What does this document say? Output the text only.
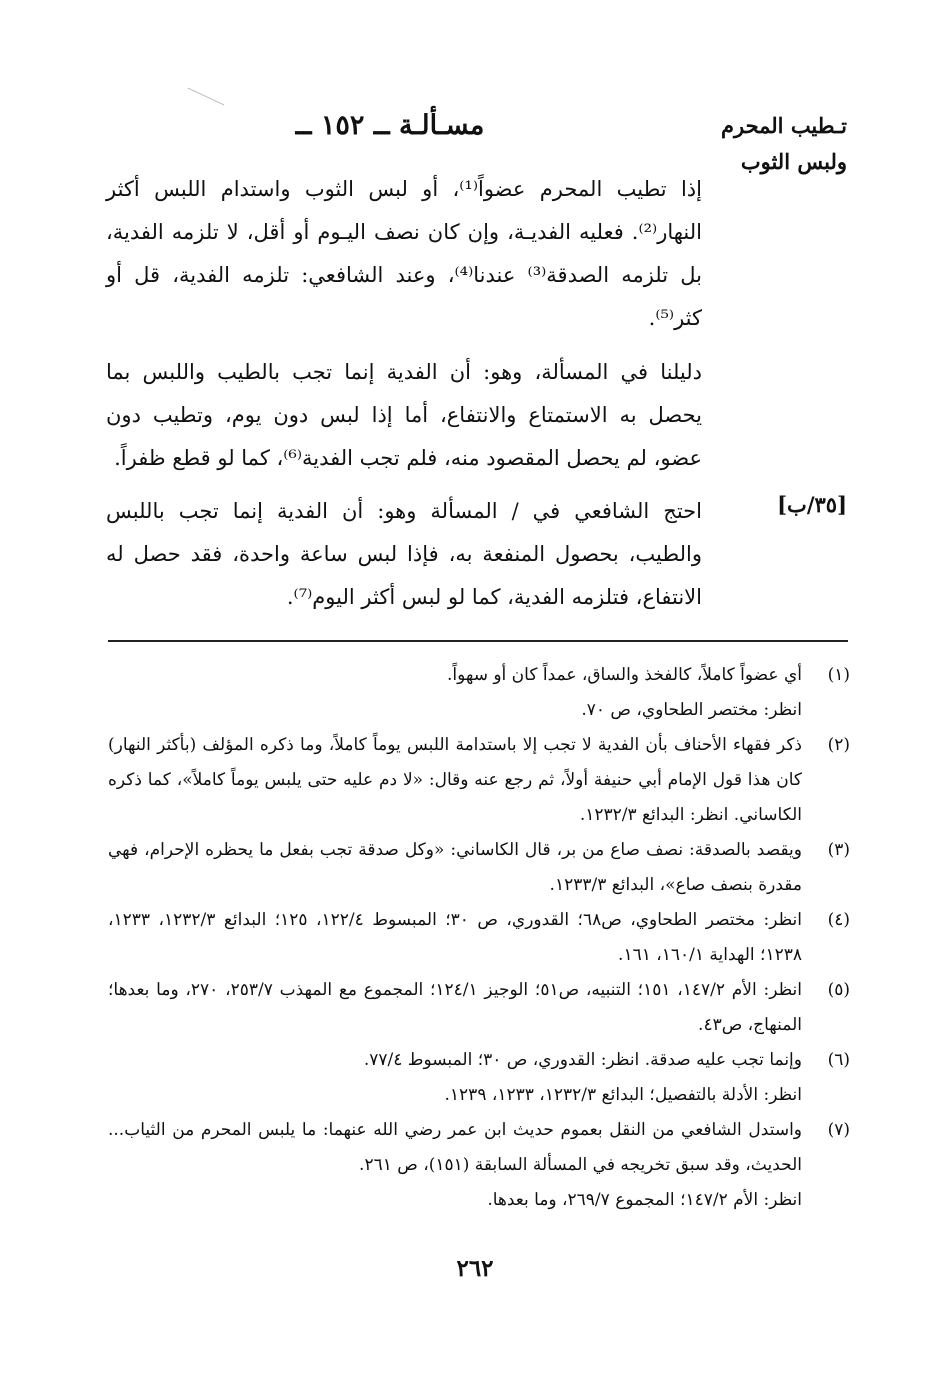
تـطيب المحرم
ولبس الثوب
مسـألـة ــ ١٥٢ ــ
إذا تطيب المحرم عضواً⁽¹⁾، أو لبس الثوب واستدام اللبس أكثر النهار⁽²⁾. فعليه الفديـة، وإن كان نصف اليـوم أو أقل، لا تلزمه الفدية، بل تلزمه الصدقة⁽³⁾ عندنا⁽⁴⁾، وعند الشافعي: تلزمه الفدية، قل أو كثر⁽⁵⁾.
دليلنا في المسألة، وهو: أن الفدية إنما تجب بالطيب واللبس بما يحصل به الاستمتاع والانتفاع، أما إذا لبس دون يوم، وتطيب دون عضو، لم يحصل المقصود منه، فلم تجب الفدية⁽⁶⁾، كما لو قطع ظفراً.
[٣٥/ب]
احتج الشافعي في / المسألة وهو: أن الفدية إنما تجب باللبس والطيب، بحصول المنفعة به، فإذا لبس ساعة واحدة، فقد حصل له الانتفاع، فتلزمه الفدية، كما لو لبس أكثر اليوم⁽⁷⁾.
(١)
أي عضواً كاملاً، كالفخذ والساق، عمداً كان أو سهواً.
انظر: مختصر الطحاوي، ص ٧٠.
(٢)
ذكر فقهاء الأحناف بأن الفدية لا تجب إلا باستدامة اللبس يوماً كاملاً، وما ذكره المؤلف (بأكثر النهار) كان هذا قول الإمام أبي حنيفة أولاً، ثم رجع عنه وقال: «لا دم عليه حتى يلبس يوماً كاملاً»، كما ذكره الكاساني. انظر: البدائع ١٢٣٢/٣.
(٣)
ويقصد بالصدقة: نصف صاع من بر، قال الكاساني: «وكل صدقة تجب بفعل ما يحظره الإحرام، فهي مقدرة بنصف صاع»، البدائع ١٢٣٣/٣.
(٤)
انظر: مختصر الطحاوي، ص٦٨؛ القدوري، ص ٣٠؛ المبسوط ١٢٢/٤، ١٢٥؛ البدائع ١٢٣٢/٣، ١٢٣٣، ١٢٣٨؛ الهداية ١٦٠/١، ١٦١.
(٥)
انظر: الأم ١٤٧/٢، ١٥١؛ التنبيه، ص٥١؛ الوجيز ١٢٤/١؛ المجموع مع المهذب ٢٥٣/٧، ٢٧٠، وما بعدها؛ المنهاج، ص٤٣.
(٦)
وإنما تجب عليه صدقة. انظر: القدوري، ص ٣٠؛ المبسوط ٧٧/٤.
انظر: الأدلة بالتفصيل؛ البدائع ١٢٣٢/٣، ١٢٣٣، ١٢٣٩.
(٧)
واستدل الشافعي من النقل بعموم حديث ابن عمر رضي الله عنهما: ما يلبس المحرم من الثياب... الحديث، وقد سبق تخريجه في المسألة السابقة (١٥١)، ص ٢٦١.
انظر: الأم ١٤٧/٢؛ المجموع ٢٦٩/٧، وما بعدها.
٢٦٢
